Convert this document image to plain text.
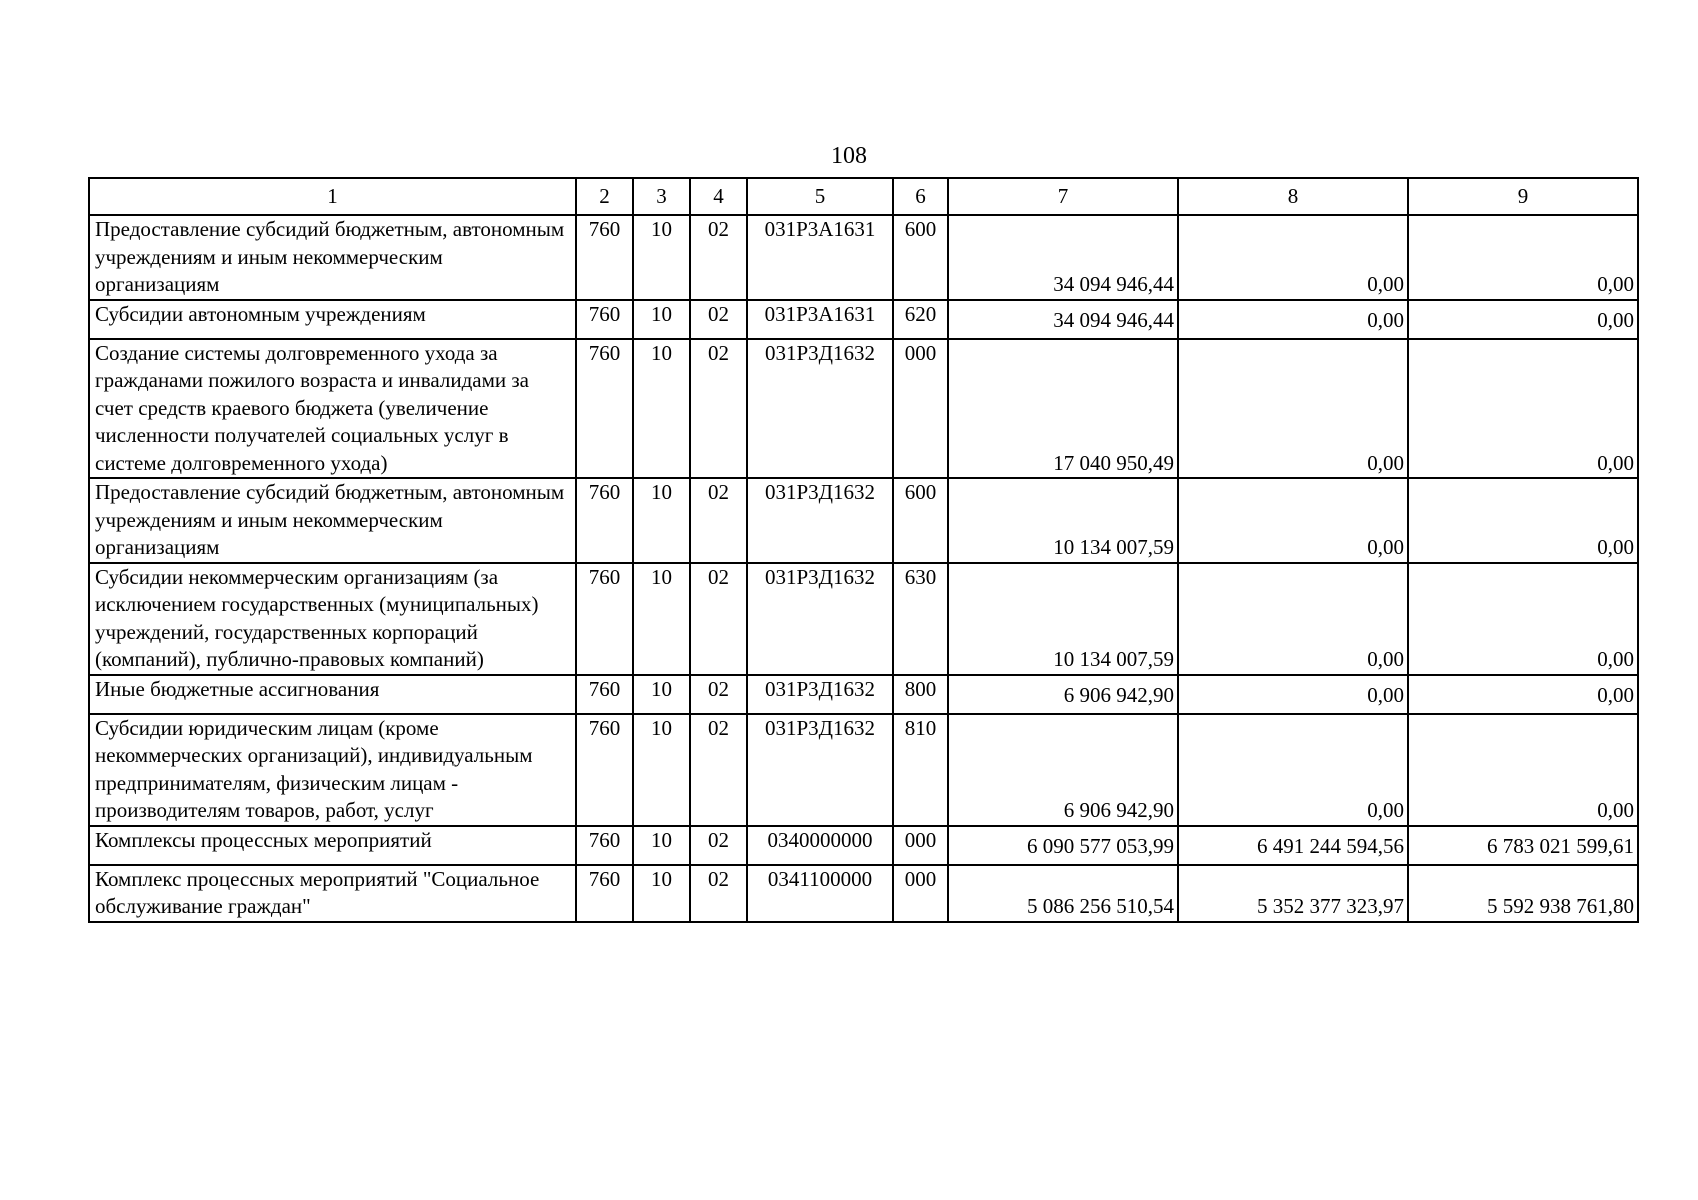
108
1	2	3	4	5	6	7	8	9
Предоставление субсидий бюджетным, автономным учреждениям и иным некоммерческим организациям	760	10	02	031P3A1631	600	34 094 946,44	0,00	0,00
Субсидии автономным учреждениям	760	10	02	031P3A1631	620	34 094 946,44	0,00	0,00
Создание системы долговременного ухода за гражданами пожилого возраста и инвалидами за счет средств краевого бюджета (увеличение численности получателей социальных услуг в системе долговременного ухода)	760	10	02	031P3Д1632	000	17 040 950,49	0,00	0,00
Предоставление субсидий бюджетным, автономным учреждениям и иным некоммерческим организациям	760	10	02	031P3Д1632	600	10 134 007,59	0,00	0,00
Субсидии некоммерческим организациям (за исключением государственных (муниципальных) учреждений, государственных корпораций (компаний), публично-правовых компаний)	760	10	02	031P3Д1632	630	10 134 007,59	0,00	0,00
Иные бюджетные ассигнования	760	10	02	031P3Д1632	800	6 906 942,90	0,00	0,00
Субсидии юридическим лицам (кроме некоммерческих организаций), индивидуальным предпринимателям, физическим лицам - производителям товаров, работ, услуг	760	10	02	031P3Д1632	810	6 906 942,90	0,00	0,00
Комплексы процессных мероприятий	760	10	02	0340000000	000	6 090 577 053,99	6 491 244 594,56	6 783 021 599,61
Комплекс процессных мероприятий "Социальное обслуживание граждан"	760	10	02	0341100000	000	5 086 256 510,54	5 352 377 323,97	5 592 938 761,80
